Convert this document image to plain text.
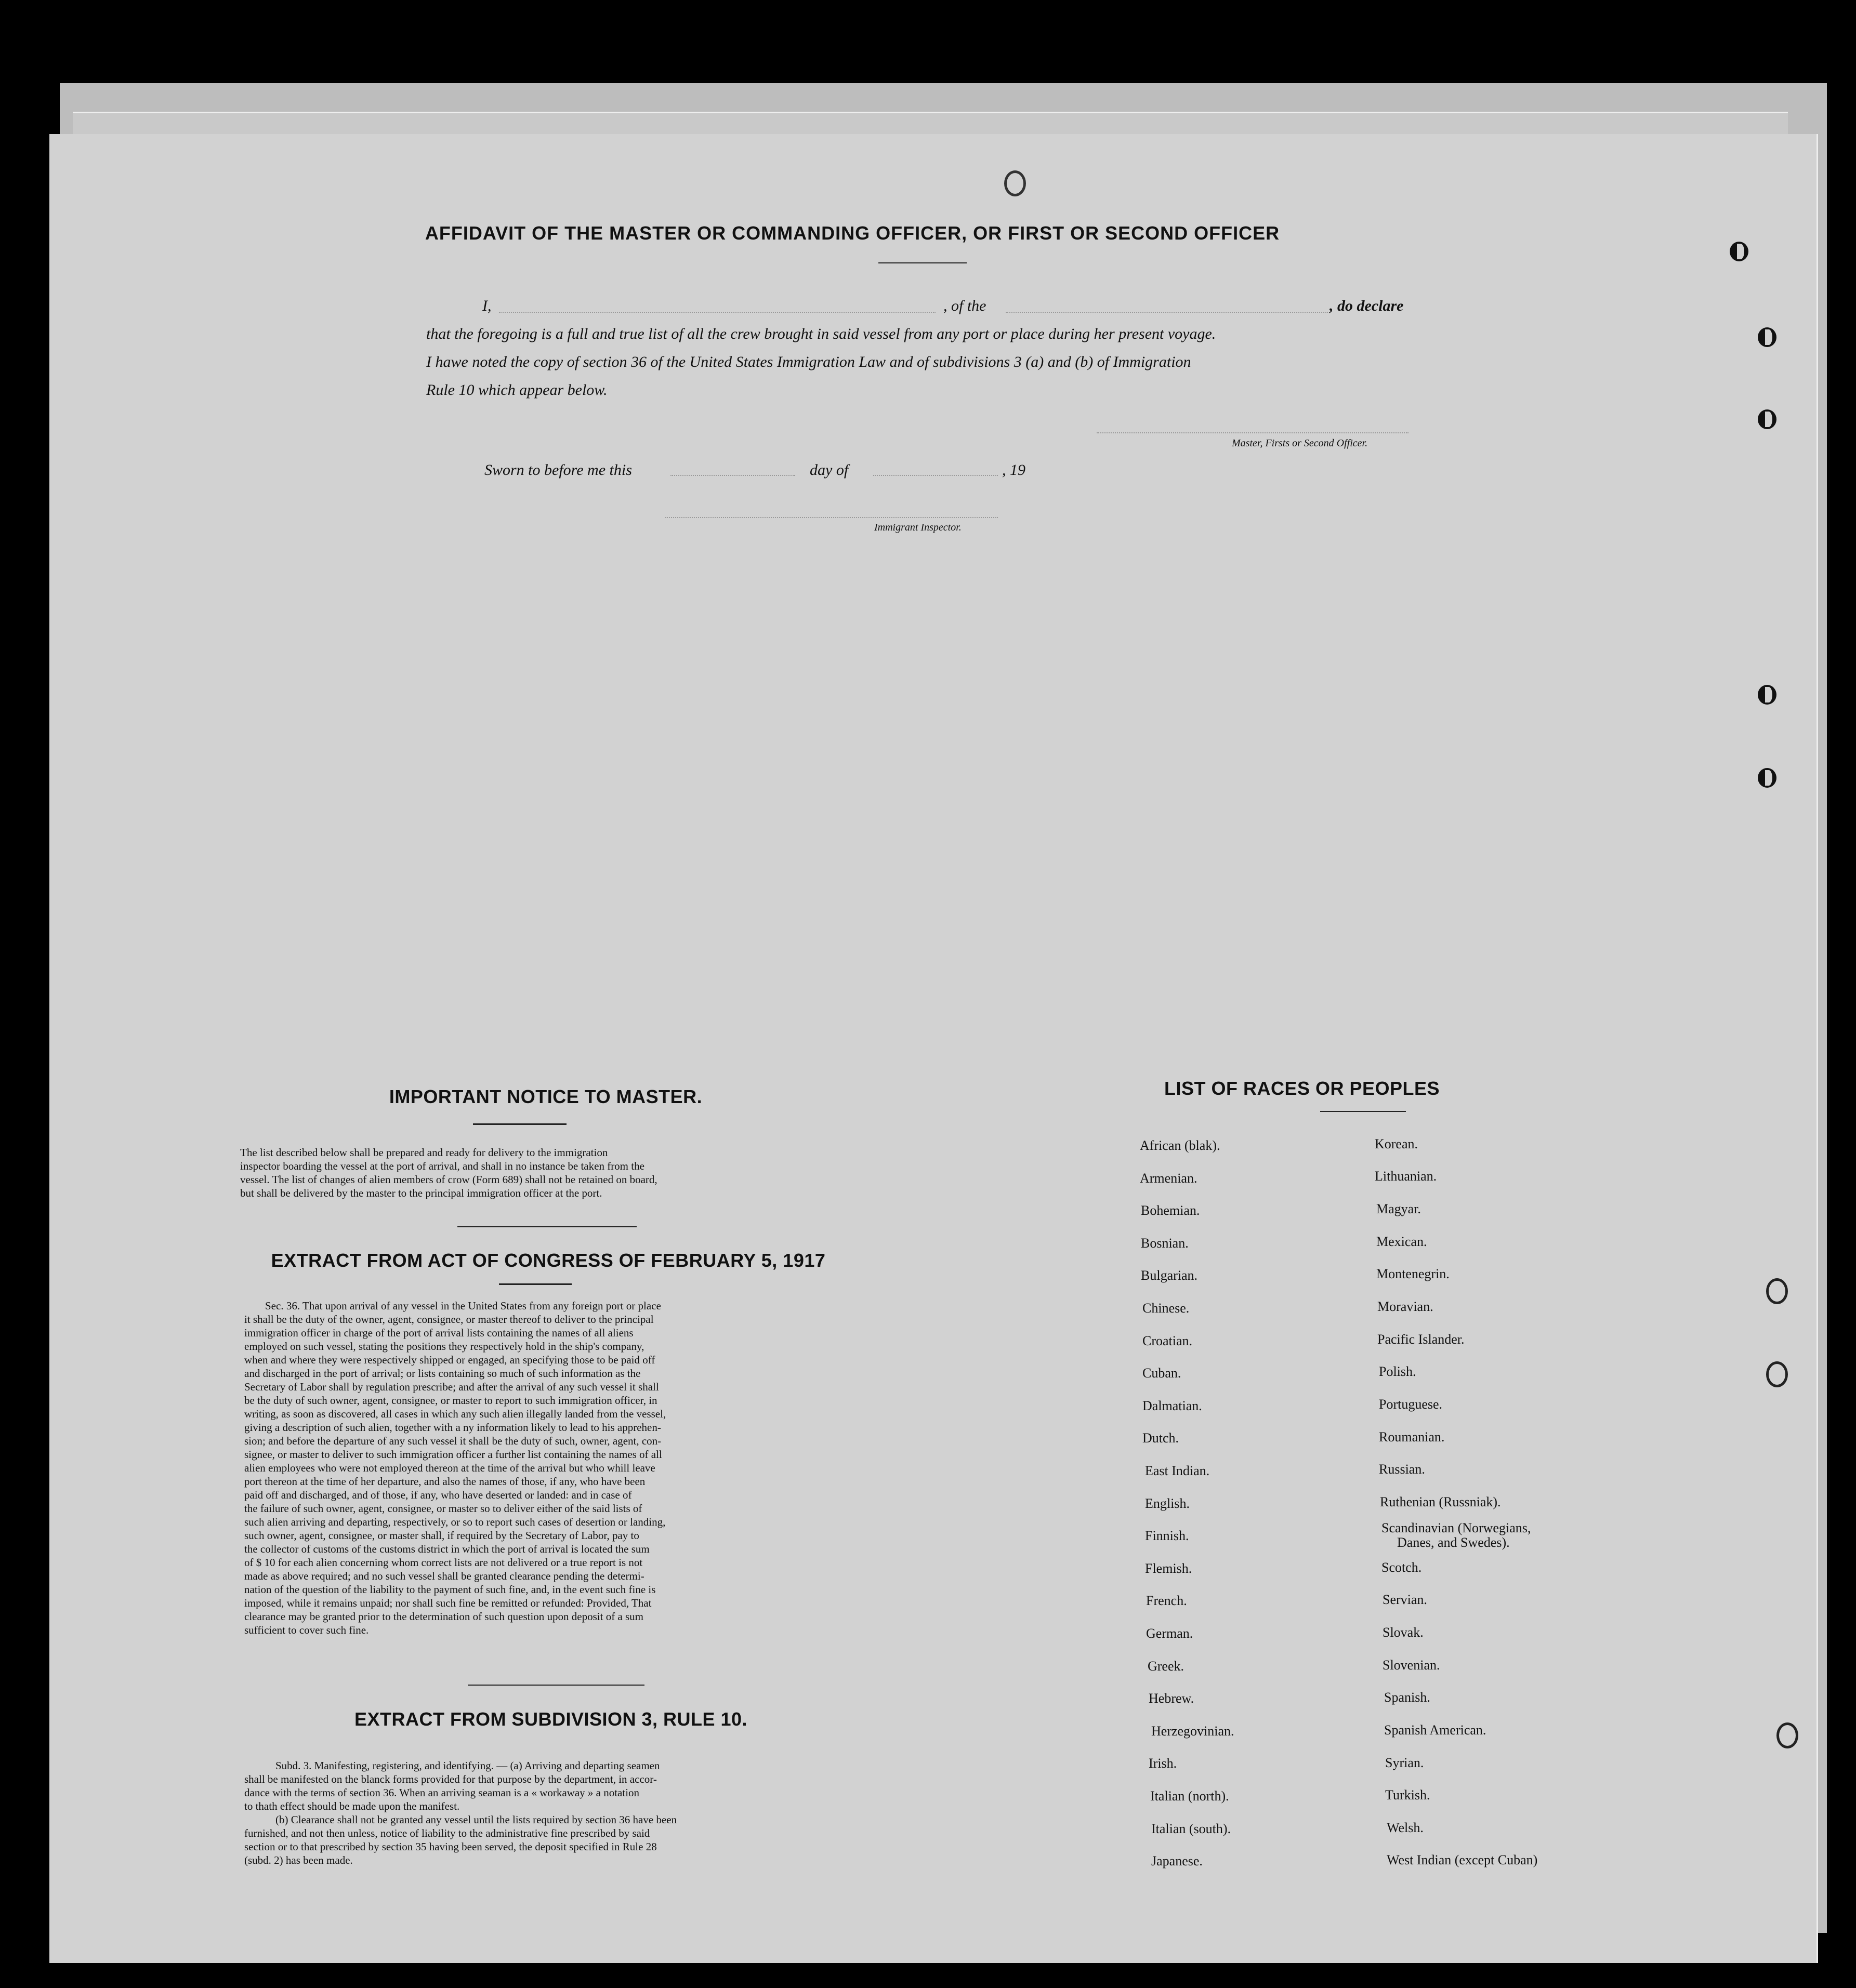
AFFIDAVIT OF THE MASTER OR COMMANDING OFFICER, OR FIRST OR SECOND OFFICER
I,	, of the	, do declare
that the foregoing is a full and true list of all the crew brought in said vessel from any port or place during her present voyage.
I hawe noted the copy of section 36 of the United States Immigration Law and of subdivisions 3 (a) and (b) of Immigration
Rule 10 which appear below.
Master, Firsts or Second Officer.
Sworn to before me this	day of	, 19
Immigrant Inspector.
IMPORTANT NOTICE TO MASTER.

The list described below shall be prepared and ready for delivery to the immigration

inspector boarding the vessel at the port of arrival, and shall in no instance be taken from the

vessel. The list of changes of alien members of crow (Form 689) shall not be retained on board,

but shall be delivered by the master to the principal immigration officer at the port.

EXTRACT FROM ACT OF CONGRESS OF FEBRUARY 5, 1917

Sec. 36. That upon arrival of any vessel in the United States from any foreign port or place

it shall be the duty of the owner, agent, consignee, or master thereof to deliver to the principal

immigration officer in charge of the port of arrival lists containing the names of all aliens

employed on such vessel, stating the positions they respectively hold in the ship's company,

when and where they were respectively shipped or engaged, an specifying those to be paid off

and discharged in the port of arrival; or lists containing so much of such information as the

Secretary of Labor shall by regulation prescribe; and after the arrival of any such vessel it shall

be the duty of such owner, agent, consignee, or master to report to such immigration officer, in

writing, as soon as discovered, all cases in which any such alien illegally landed from the vessel,

giving a description of such alien, together with a ny information likely to lead to his apprehen-

sion; and before the departure of any such vessel it shall be the duty of such, owner, agent, con-

signee, or master to deliver to such immigration officer a further list containing the names of all

alien employees who were not employed thereon at the time of the arrival but who whill leave

port thereon at the time of her departure, and also the names of those, if any, who have been

paid off and discharged, and of those, if any, who have deserted or landed: and in case of

the failure of such owner, agent, consignee, or master so to deliver either of the said lists of

such alien arriving and departing, respectively, or so to report such cases of desertion or landing,

such owner, agent, consignee, or master shall, if required by the Secretary of Labor, pay to

the collector of customs of the customs district in which the port of arrival is located the sum

of $ 10 for each alien concerning whom correct lists are not delivered or a true report is not

made as above required; and no such vessel shall be granted clearance pending the determi-

nation of the question of the liability to the payment of such fine, and, in the event such fine is

imposed, while it remains unpaid; nor shall such fine be remitted or refunded: Provided, That

clearance may be granted prior to the determination of such question upon deposit of a sum

sufficient to cover such fine.

EXTRACT FROM SUBDIVISION 3, RULE 10.

Subd. 3. Manifesting, registering, and identifying. — (a) Arriving and departing seamen

shall be manifested on the blanck forms provided for that purpose by the department, in accor-

dance with the terms of section 36. When an arriving seaman is a « workaway » a notation

to thath effect should be made upon the manifest.

(b) Clearance shall not be granted any vessel until the lists required by section 36 have been

furnished, and not then unless, notice of liability to the administrative fine prescribed by said

section or to that prescribed by section 35 having been served, the deposit specified in Rule 28

(subd. 2) has been made.

LIST OF RACES OR PEOPLES
African (blak).
Armenian.
Bohemian.
Bosnian.
Bulgarian.
Chinese.
Croatian.
Cuban.
Dalmatian.
Dutch.
East Indian.
English.
Finnish.
Flemish.
French.
German.
Greek.
Hebrew.
Herzegovinian.
Irish.
Italian (north).
Italian (south).
Japanese.
Korean.
Lithuanian.
Magyar.
Mexican.
Montenegrin.
Moravian.
Pacific Islander.
Polish.
Portuguese.
Roumanian.
Russian.
Ruthenian (Russniak).
Scandinavian (Norwegians,
Danes, and Swedes).
Scotch.
Servian.
Slovak.
Slovenian.
Spanish.
Spanish American.
Syrian.
Turkish.
Welsh.
West Indian (except Cuban)
